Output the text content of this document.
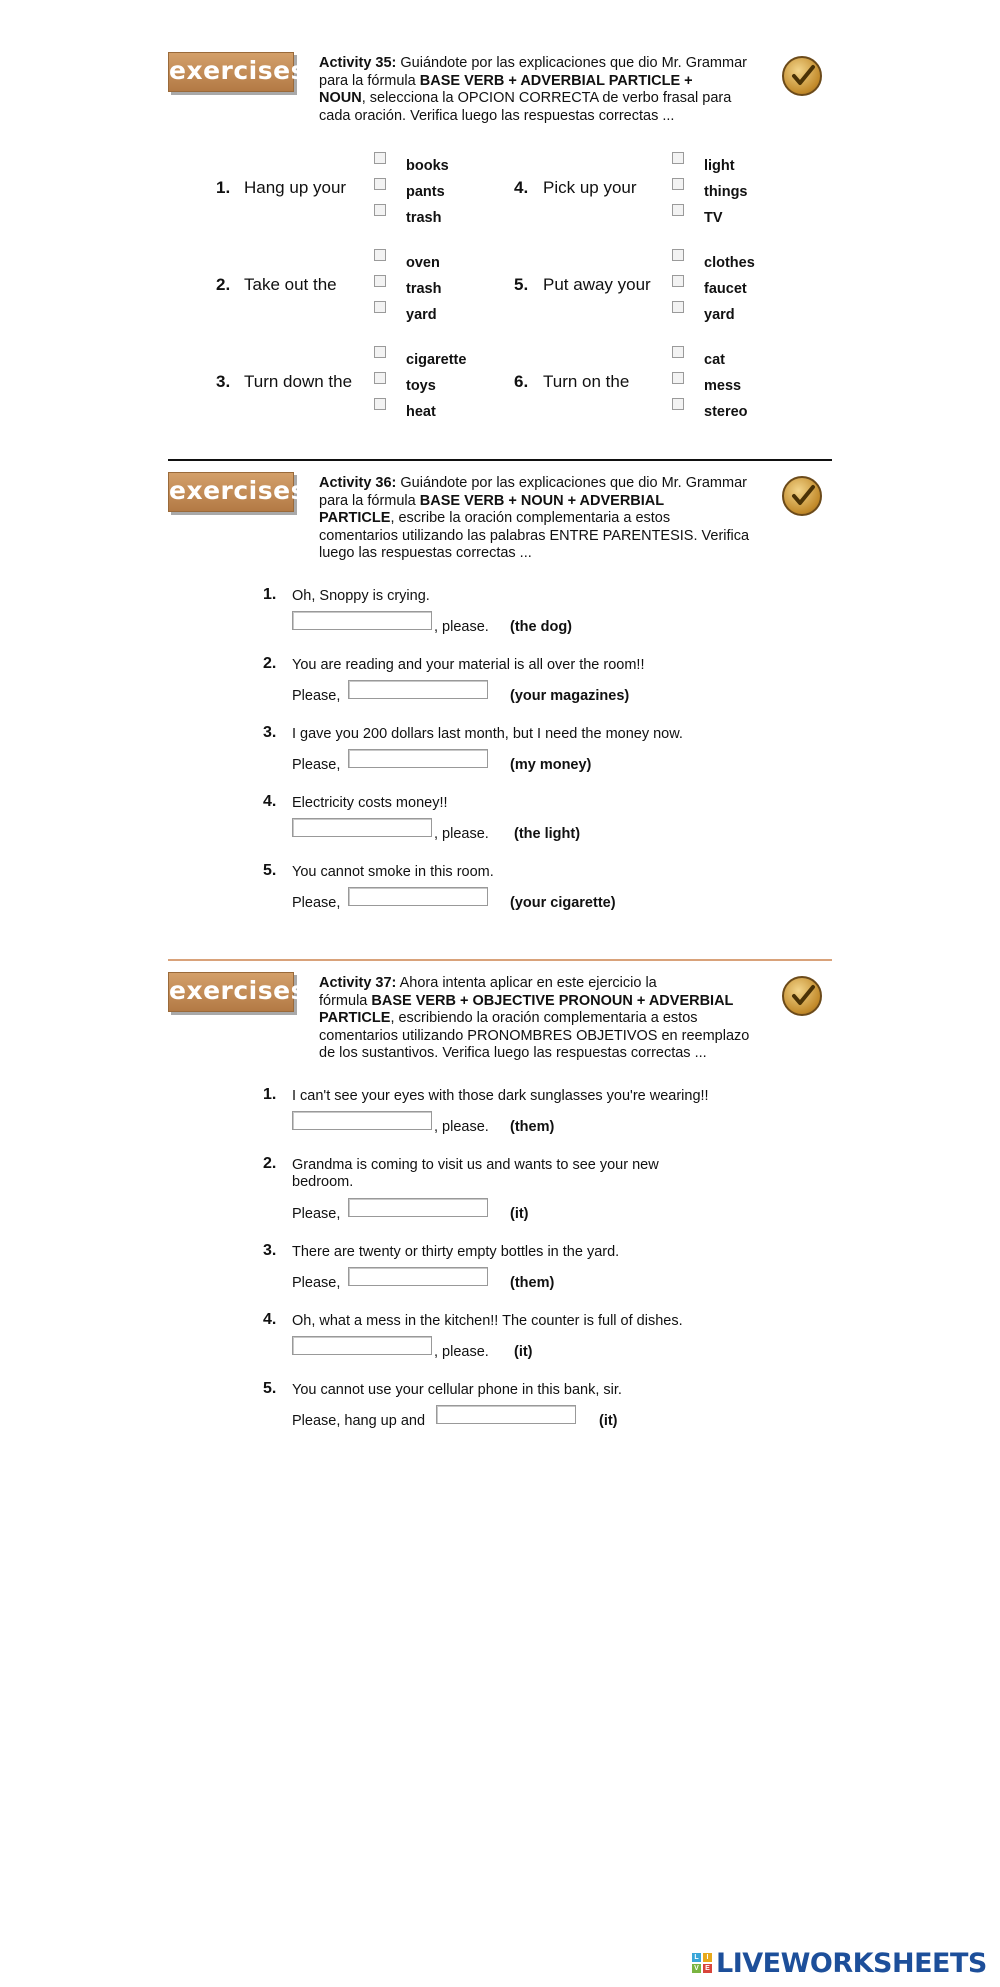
exercises Activity 35: Guiándote por las explicaciones que dio Mr. Grammar
para la fórmula BASE VERB + ADVERBIAL PARTICLE +
NOUN, selecciona la OPCION CORRECTA de verbo frasal para
cada oración. Verifica luego las respuestas correctas ...
1. Hang up your
books
pants
trash
2. Take out the
oven
trash
yard
3. Turn down the
cigarette
toys
heat
4. Pick up your
light
things
TV
5. Put away your
clothes
faucet
yard
6. Turn on the
cat
mess
stereo
exercises Activity 36: Guiándote por las explicaciones que dio Mr. Grammar
para la fórmula BASE VERB + NOUN + ADVERBIAL
PARTICLE, escribe la oración complementaria a estos
comentarios utilizando las palabras ENTRE PARENTESIS. Verifica
luego las respuestas correctas ...
1. Oh, Snoppy is crying.
, please. (the dog)
2. You are reading and your material is all over the room!!
Please,	(your magazines)
3. I gave you 200 dollars last month, but I need the money now.
Please,	(my money)
4. Electricity costs money!!
, please. (the light)
5. You cannot smoke in this room.
Please,	(your cigarette)
exercises Activity 37: Ahora intenta aplicar en este ejercicio la
fórmula BASE VERB + OBJECTIVE PRONOUN + ADVERBIAL
PARTICLE, escribiendo la oración complementaria a estos
comentarios utilizando PRONOMBRES OBJETIVOS en reemplazo
de los sustantivos. Verifica luego las respuestas correctas ...
1. I can't see your eyes with those dark sunglasses you're wearing!!
, please. (them)
2. Grandma is coming to visit us and wants to see your new bedroom.
Please,	(it)
3. There are twenty or thirty empty bottles in the yard.
Please,	(them)
4. Oh, what a mess in the kitchen!! The counter is full of dishes.
, please. (it)
5. You cannot use your cellular phone in this bank, sir.
Please, hang up and	(it)
L	I
V E LIVEWORKSHEETS
